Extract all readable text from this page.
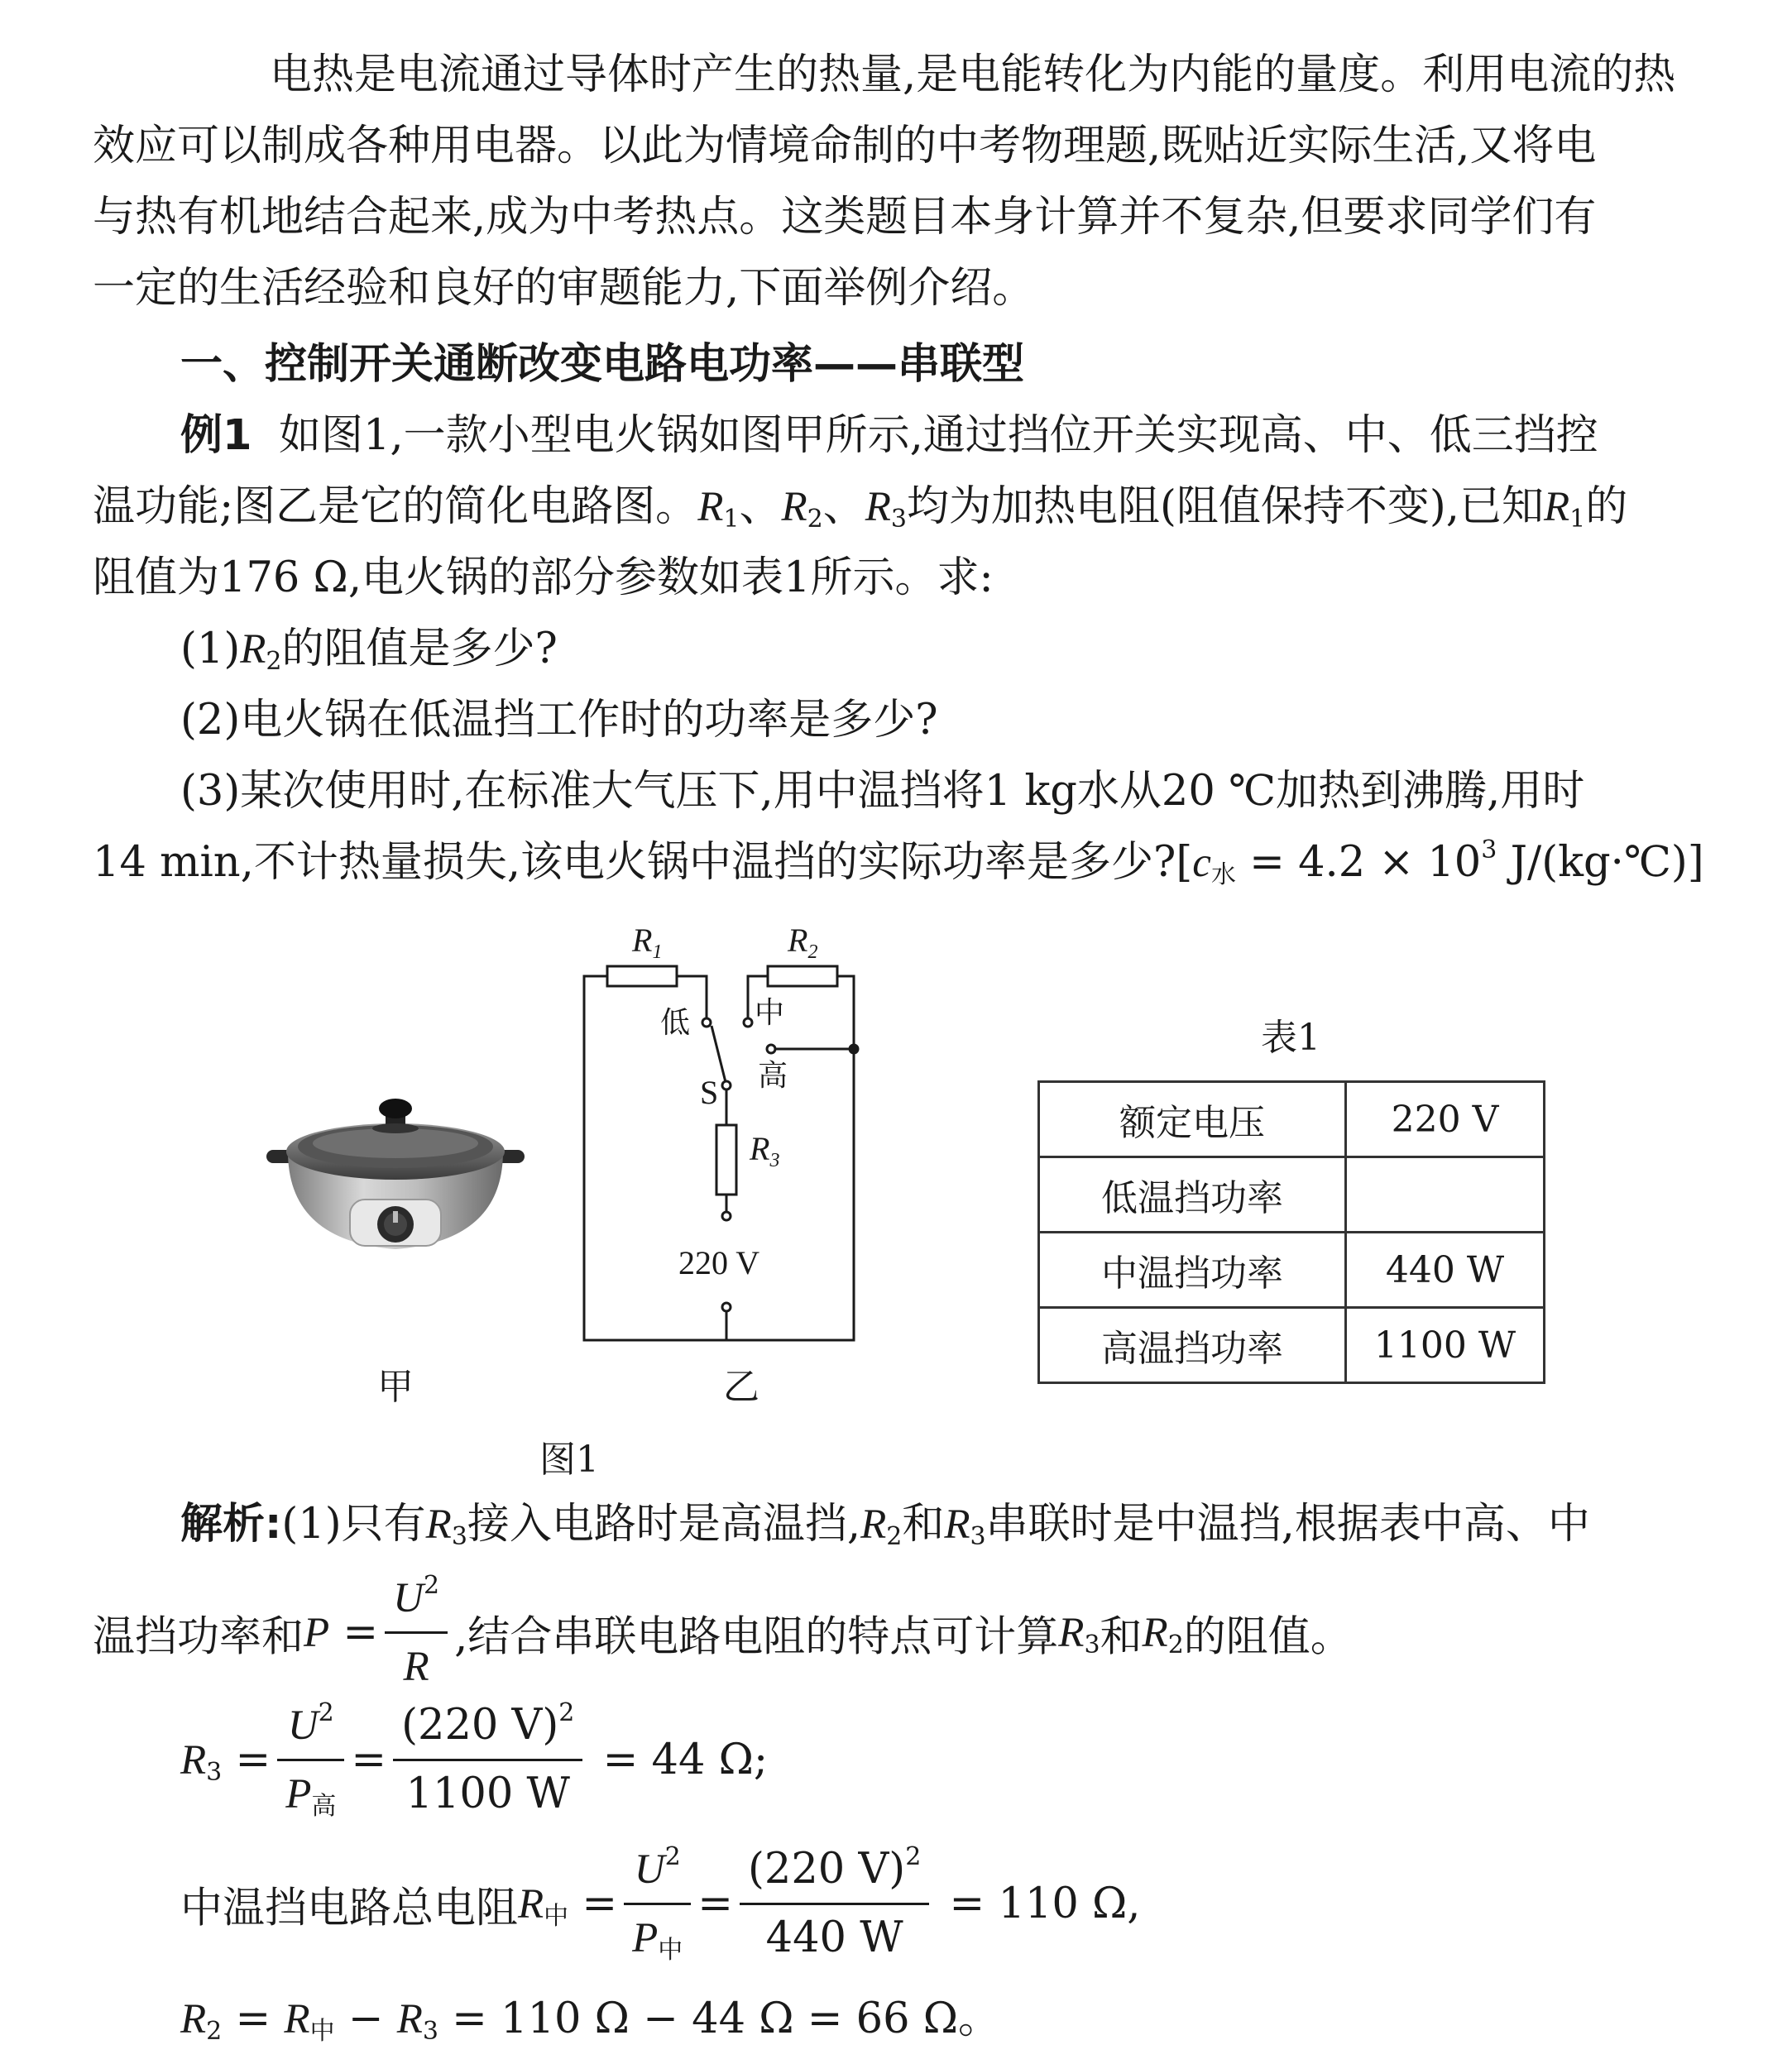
电热是电流通过导体时产生的热量,是电能转化为内能的量度。利用电流的热
效应可以制成各种用电器。以此为情境命制的中考物理题,既贴近实际生活,又将电
与热有机地结合起来,成为中考热点。这类题目本身计算并不复杂,但要求同学们有
一定的生活经验和良好的审题能力,下面举例介绍。
一、控制开关通断改变电路电功率——串联型
例1 如图1,一款小型电火锅如图甲所示,通过挡位开关实现高、中、低三挡控
温功能;图乙是它的简化电路图。$R_1$、$R_2$、$R_3$均为加热电阻(阻值保持不变),已知$R_1$的
阻值为176 Ω,电火锅的部分参数如表1所示。求:
$(1)R_2$的阻值是多少?
(2)电火锅在低温挡工作时的功率是多少?
(3)某次使用时,在标准大气压下,用中温挡将1 kg水从20 ℃加热到沸腾,用时
14 min,不计热量损失,该电火锅中温挡的实际功率是多少$?[c_水 = 4.2 \times 10^3$ J/(kg·℃)]
甲
$R_1$	$R_2$
$R_3$
低 中
高
S
220 V
乙
图1
表1
额定电压	220 V
低温挡功率	
中温挡功率	440 W
高温挡功率	1100 W
解析:(1)只有$R_3$接入电路时是高温挡$,R_2$和$R_3$串联时是中温挡,根据表中高、中
温挡功率和$P = \frac{U^2}{R}$ ,结合串联电路电阻的特点可计算$R_3$和$R_2$的阻值。
$R_3 = \frac{U^2}{P_高} = \frac{(220 V)^2}{1100 W} = 44$ Ω;
中温挡电路总电阻$R_中 = \frac{U^2}{P_中} = \frac{(220 V)^2}{440 W} = 110$ Ω,
$R_2 = R_中 - R_3 = 110$ Ω − 44 Ω = 66 Ω。
